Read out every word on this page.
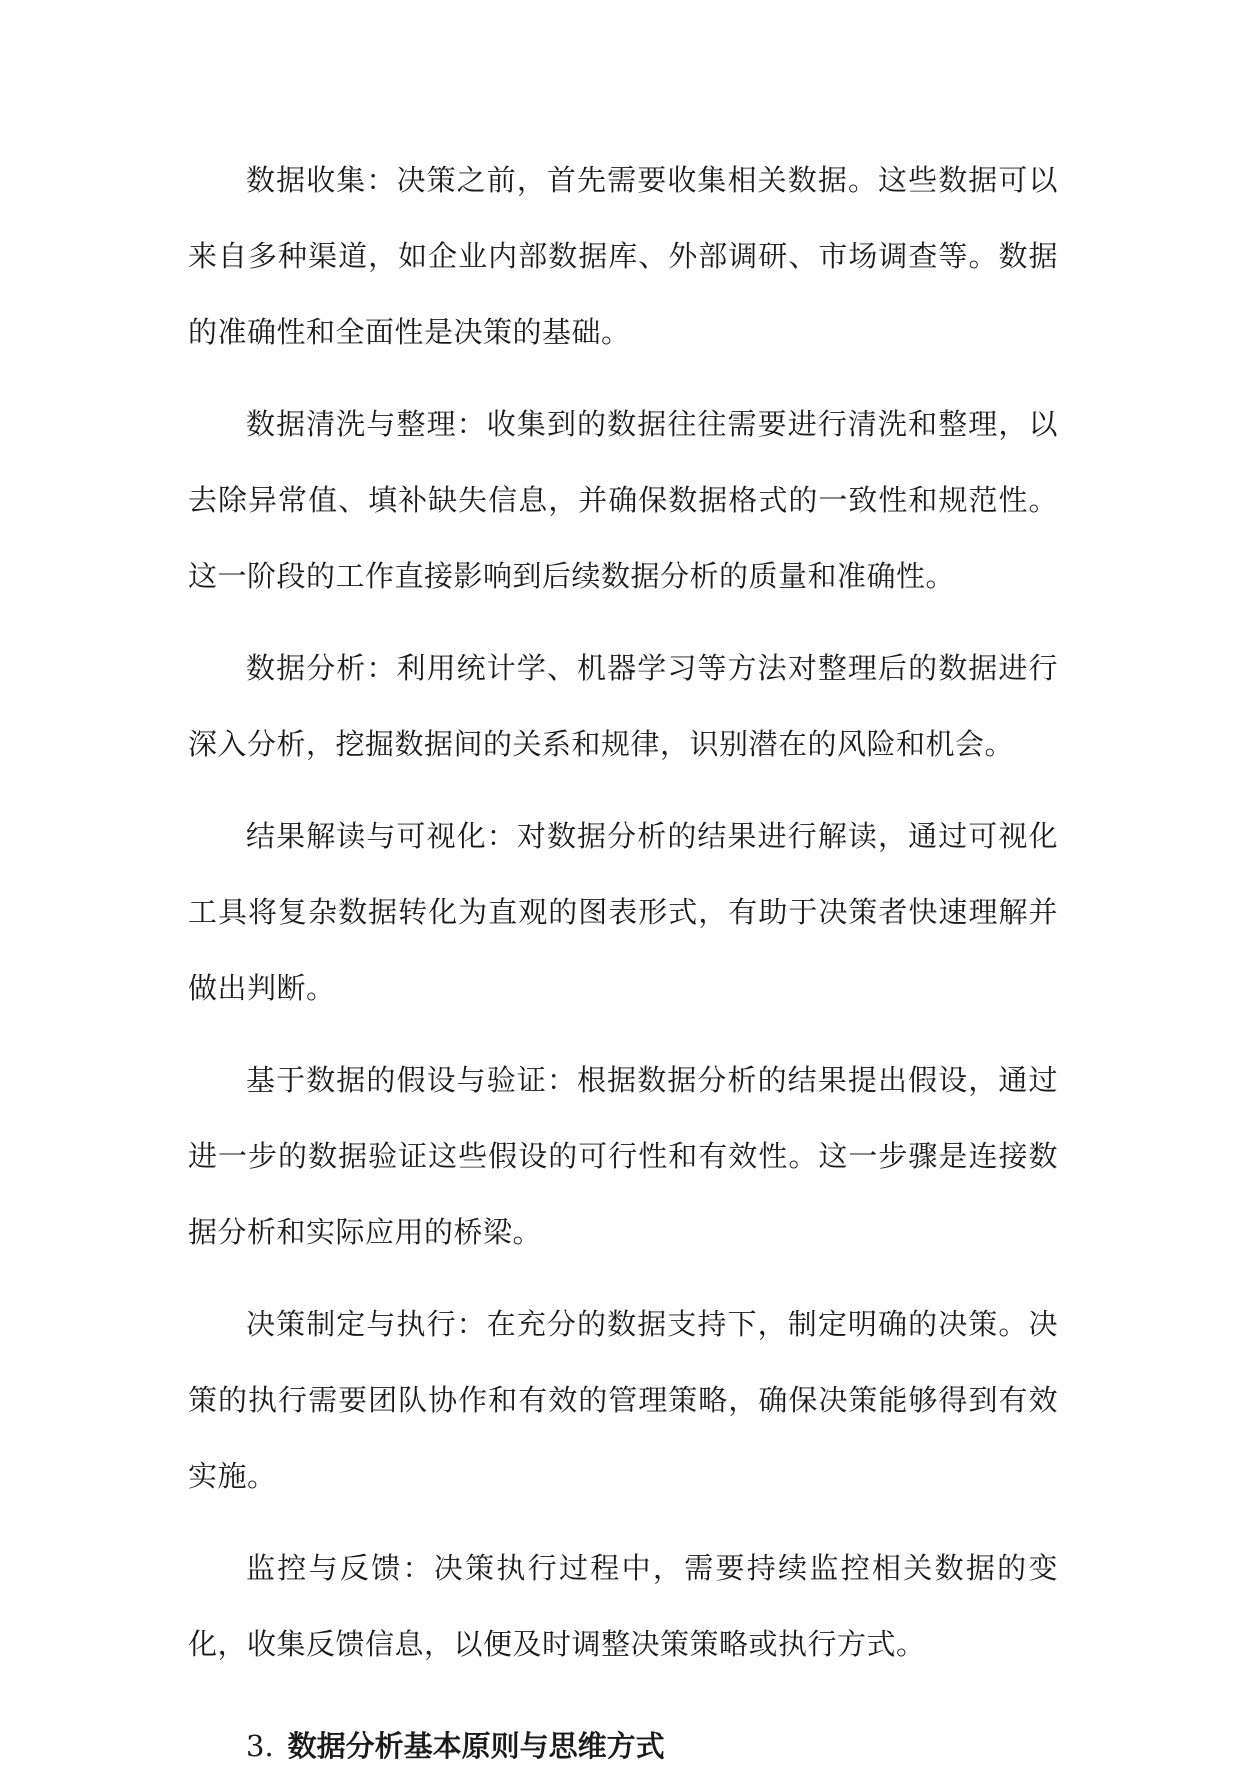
数据收集：决策之前，首先需要收集相关数据。这些数据可以来自多种渠道，如企业内部数据库、外部调研、市场调查等。数据的准确性和全面性是决策的基础。

数据清洗与整理：收集到的数据往往需要进行清洗和整理，以去除异常值、填补缺失信息，并确保数据格式的一致性和规范性。这一阶段的工作直接影响到后续数据分析的质量和准确性。

数据分析：利用统计学、机器学习等方法对整理后的数据进行深入分析，挖掘数据间的关系和规律，识别潜在的风险和机会。

结果解读与可视化：对数据分析的结果进行解读，通过可视化工具将复杂数据转化为直观的图表形式，有助于决策者快速理解并做出判断。

基于数据的假设与验证：根据数据分析的结果提出假设，通过进一步的数据验证这些假设的可行性和有效性。这一步骤是连接数据分析和实际应用的桥梁。

决策制定与执行：在充分的数据支持下，制定明确的决策。决策的执行需要团队协作和有效的管理策略，确保决策能够得到有效实施。

监控与反馈：决策执行过程中，需要持续监控相关数据的变化，收集反馈信息，以便及时调整决策策略或执行方式。

3. 数据分析基本原则与思维方式
